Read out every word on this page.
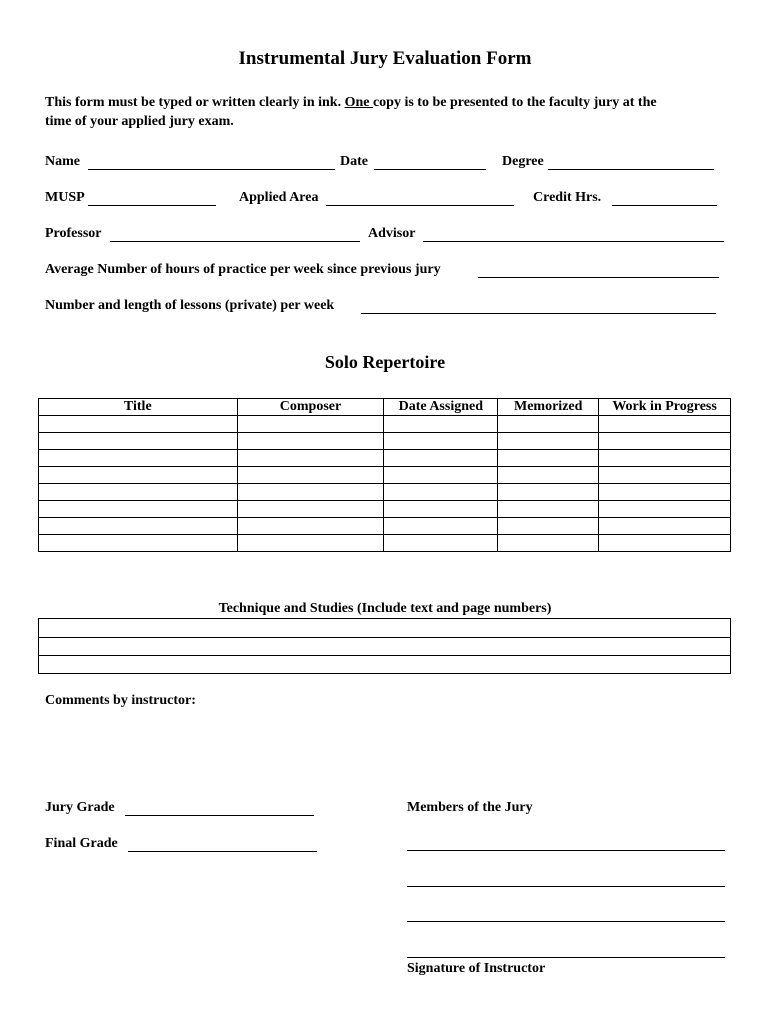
Instrumental Jury Evaluation Form
This form must be typed or written clearly in ink. One copy is to be presented to the faculty jury at the
time of your applied jury exam.
Name	Date	Degree
MUSP	Applied Area	Credit Hrs.
Professor	Advisor
Average Number of hours of practice per week since previous jury
Number and length of lessons (private) per week
Solo Repertoire
Title	Composer	Date Assigned	Memorized	Work in Progress

Technique and Studies (Include text and page numbers)

Comments by instructor:
Jury Grade
Final Grade
Members of the Jury
Signature of Instructor
